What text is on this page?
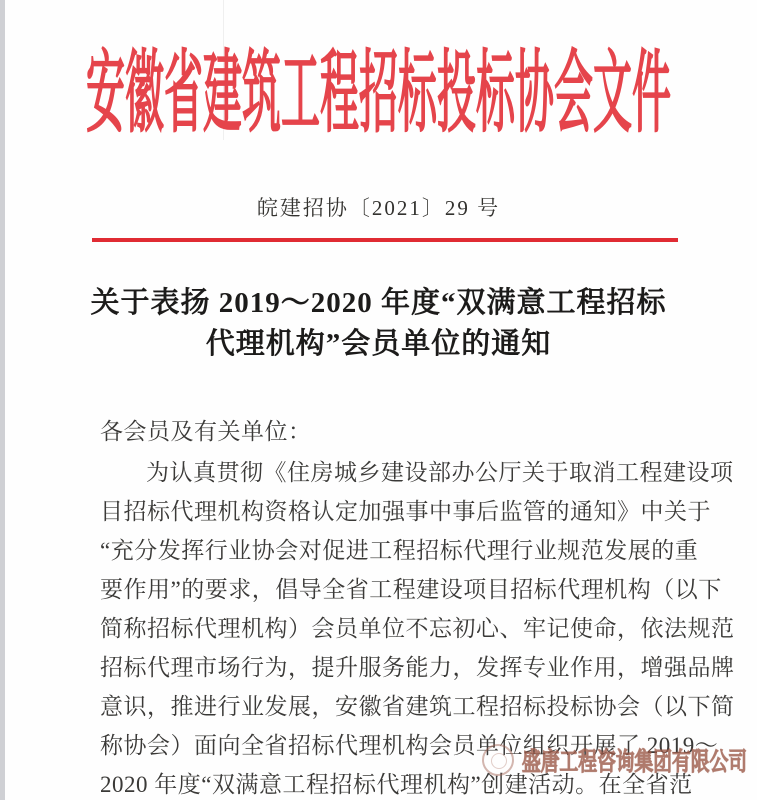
安徽省建筑工程招标投标协会文件
皖建招协〔2021〕29 号
关于表扬 2019～2020 年度“双满意工程招标
代理机构”会员单位的通知
各会员及有关单位：
为认真贯彻《住房城乡建设部办公厅关于取消工程建设项
目招标代理机构资格认定加强事中事后监管的通知》中关于
“充分发挥行业协会对促进工程招标代理行业规范发展的重
要作用”的要求，倡导全省工程建设项目招标代理机构（以下
简称招标代理机构）会员单位不忘初心、牢记使命，依法规范
招标代理市场行为，提升服务能力，发挥专业作用，增强品牌
意识，推进行业发展，安徽省建筑工程招标投标协会（以下简
称协会）面向全省招标代理机构会员单位组织开展了 2019～
2020 年度“双满意工程招标代理机构”创建活动。在全省范
盛唐工程咨询集团有限公司
